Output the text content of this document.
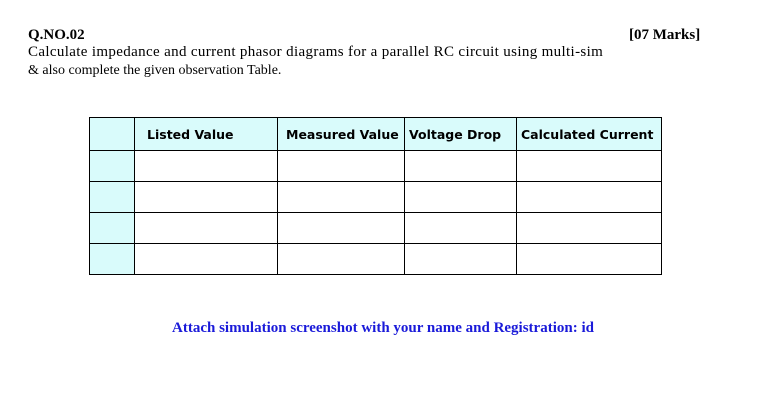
Q.NO.02	[07 Marks]
Calculate impedance and current phasor diagrams for a parallel RC circuit using multi-sim
& also complete the given observation Table.
	Listed Value	Measured Value	Voltage Drop	Calculated Current

Attach simulation screenshot with your name and Registration: id
